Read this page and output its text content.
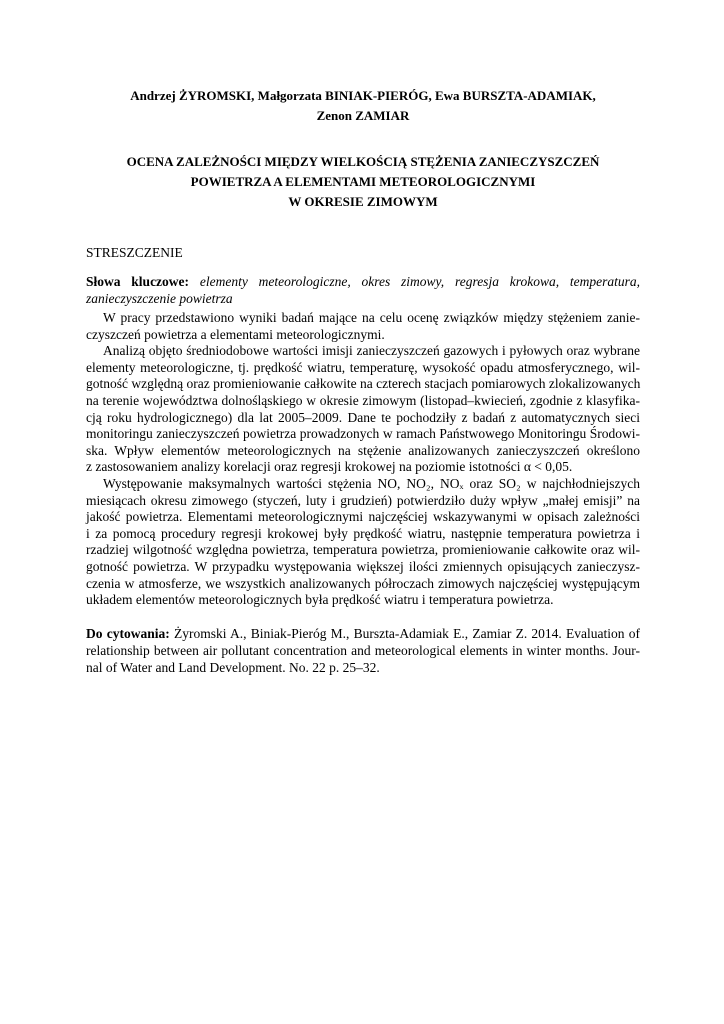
Andrzej ŻYROMSKI, Małgorzata BINIAK-PIERÓG, Ewa BURSZTA-ADAMIAK,
Zenon ZAMIAR
OCENA ZALEŻNOŚCI MIĘDZY WIELKOŚCIĄ STĘŻENIA ZANIECZYSZCZEŃ
POWIETRZA A ELEMENTAMI METEOROLOGICZNYMI
W OKRESIE ZIMOWYM
STRESZCZENIE
Słowa kluczowe: elementy meteorologiczne, okres zimowy, regresja krokowa, temperatura, zanieczyszczenie powietrza
W pracy przedstawiono wyniki badań mające na celu ocenę związków między stężeniem zanie-
czyszczeń powietrza a elementami meteorologicznymi.
Analizą objęto średniodobowe wartości imisji zanieczyszczeń gazowych i pyłowych oraz wybrane
elementy meteorologiczne, tj. prędkość wiatru, temperaturę, wysokość opadu atmosferycznego, wil-
gotność względną oraz promieniowanie całkowite na czterech stacjach pomiarowych zlokalizowanych
na terenie województwa dolnośląskiego w okresie zimowym (listopad–kwiecień, zgodnie z klasyfika-
cją roku hydrologicznego) dla lat 2005–2009. Dane te pochodziły z badań z automatycznych sieci
monitoringu zanieczyszczeń powietrza prowadzonych w ramach Państwowego Monitoringu Środowi-
ska. Wpływ elementów meteorologicznych na stężenie analizowanych zanieczyszczeń określono
z zastosowaniem analizy korelacji oraz regresji krokowej na poziomie istotności α < 0,05.
Występowanie maksymalnych wartości stężenia NO, NO₂, NOₓ oraz SO₂ w najchłodniejszych
miesiącach okresu zimowego (styczeń, luty i grudzień) potwierdziło duży wpływ „małej emisji” na
jakość powietrza. Elementami meteorologicznymi najczęściej wskazywanymi w opisach zależności
i za pomocą procedury regresji krokowej były prędkość wiatru, następnie temperatura powietrza i
rzadziej wilgotność względna powietrza, temperatura powietrza, promieniowanie całkowite oraz wil-
gotność powietrza. W przypadku występowania większej ilości zmiennych opisujących zanieczysz-
czenia w atmosferze, we wszystkich analizowanych półroczach zimowych najczęściej występującym
układem elementów meteorologicznych była prędkość wiatru i temperatura powietrza.
Do cytowania: Żyromski A., Biniak-Pieróg M., Burszta-Adamiak E., Zamiar Z. 2014. Evaluation of
relationship between air pollutant concentration and meteorological elements in winter months. Jour-
nal of Water and Land Development. No. 22 p. 25–32.
